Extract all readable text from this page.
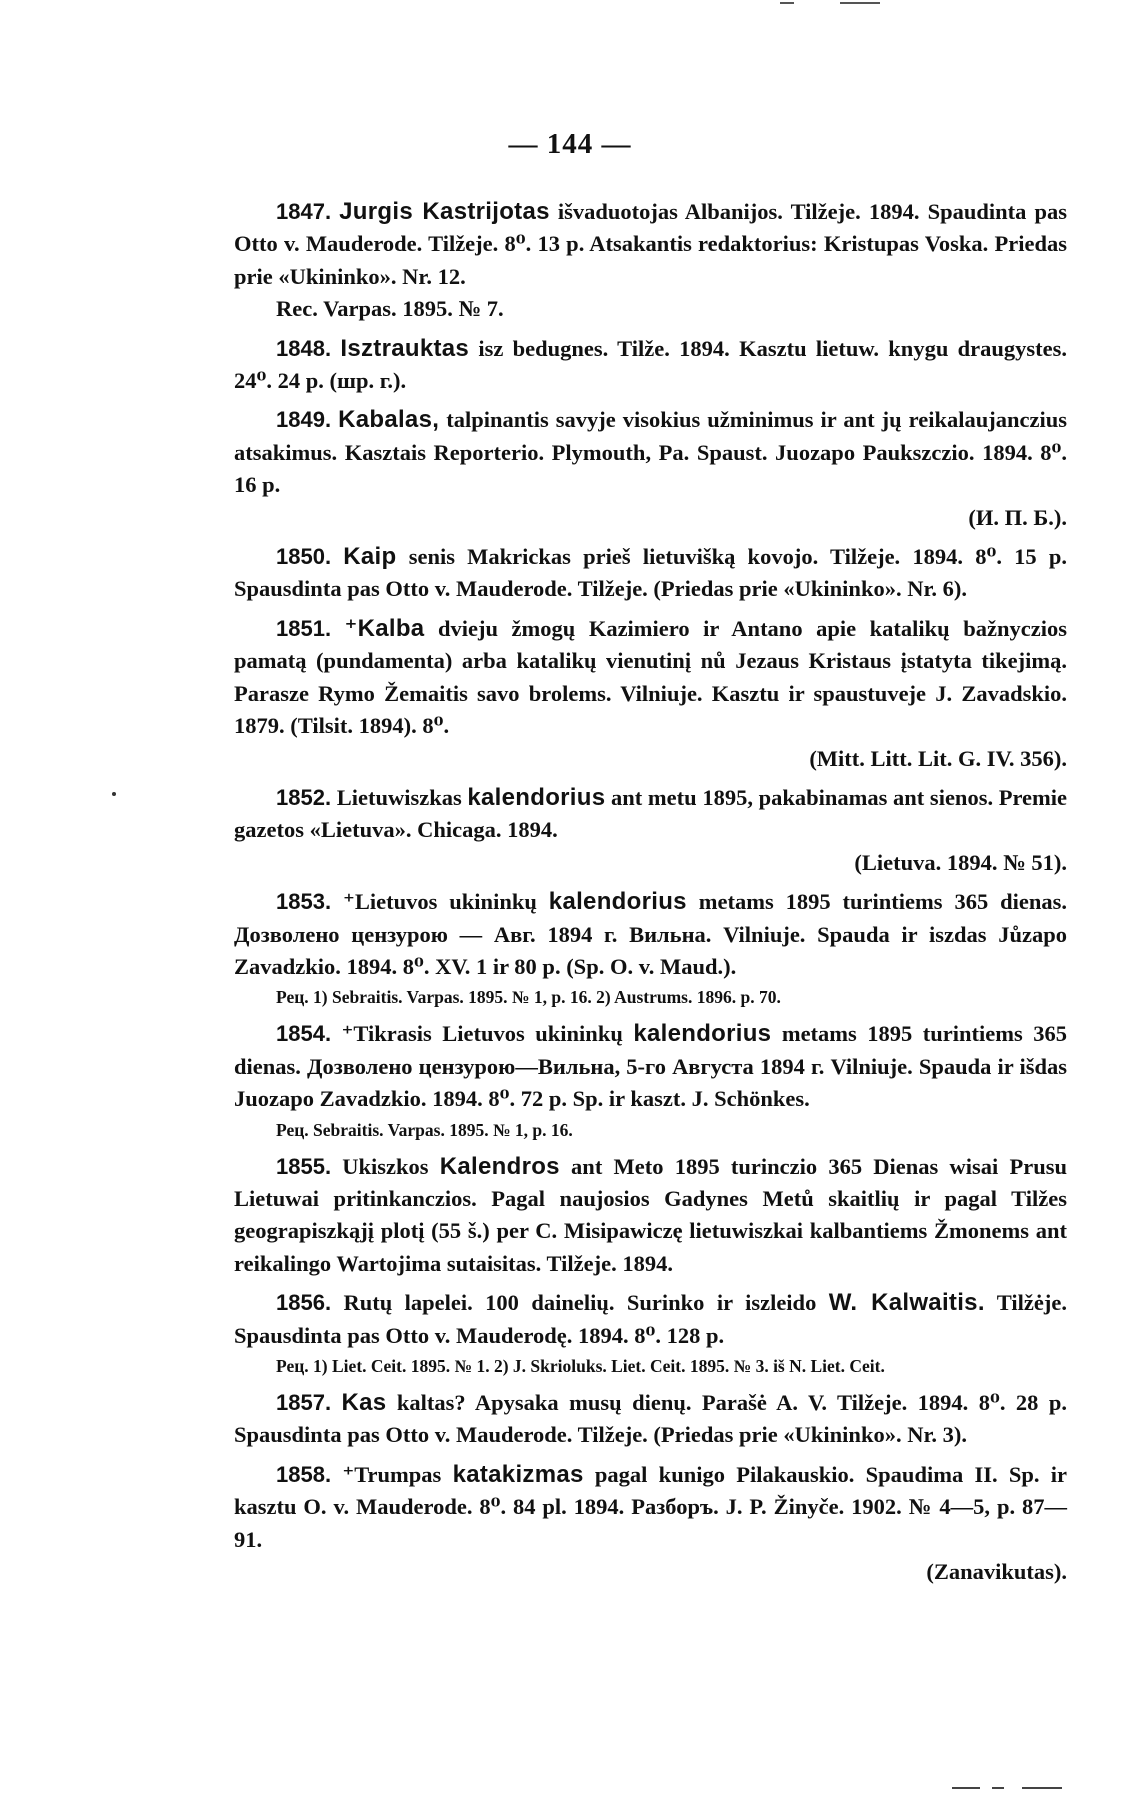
— 144 —
1847. Jurgis Kastrijotas išvaduotojas Albanijos. Tilžeje. 1894. Spaudinta pas Otto v. Mauderode. Tilžeje. 8⁰. 13 p. Atsakantis redaktorius: Kristupas Voska. Priedas prie «Ukininko». Nr. 12.
Rec. Varpas. 1895. № 7.
1848. Isztrauktas isz bedugnes. Tilže. 1894. Kasztu lietuw. knygu draugystes. 24⁰. 24 p. (шр. г.).
1849. Kabalas, talpinantis savyje visokius užminimus ir ant jų reikalaujanczius atsakimus. Kasztais Reporterio. Plymouth, Pa. Spaust. Juozapo Paukszczio. 1894. 8⁰. 16 p.
(И. П. Б.).
1850. Kaip senis Makrickas prieš lietuvišką kovojo. Tilžeje. 1894. 8⁰. 15 p. Spausdinta pas Otto v. Mauderode. Tilžeje. (Priedas prie «Ukininko». Nr. 6).
1851. ⁺Kalba dvieju žmogų Kazimiero ir Antano apie katalikų bažnyczios pamatą (pundamenta) arba katalikų vienutinį nů Jezaus Kristaus įstatyta tikejimą. Parasze Rymo Žemaitis savo brolems. Vilniuje. Kasztu ir spaustuveje J. Zavadskio. 1879. (Tilsit. 1894). 8⁰.
(Mitt. Litt. Lit. G. IV. 356).
1852. Lietuwiszkas kalendorius ant metu 1895, pakabinamas ant sienos. Premie gazetos «Lietuva». Chicaga. 1894.
(Lietuva. 1894. № 51).
1853. ⁺Lietuvos ukininkų kalendorius metams 1895 turintiems 365 dienas. Дозволено цензурою — Авг. 1894 г. Вильна. Vilniuje. Spauda ir iszdas Jůzapo Zavadzkio. 1894. 8⁰. XV. 1 ir 80 p. (Sp. O. v. Maud.).
Рец. 1) Sebraitis. Varpas. 1895. № 1, p. 16. 2) Austrums. 1896. p. 70.
1854. ⁺Tikrasis Lietuvos ukininkų kalendorius metams 1895 turintiems 365 dienas. Дозволено цензурою—Вильна, 5-го Августа 1894 г. Vilniuje. Spauda ir išdas Juozapo Zavadzkio. 1894. 8⁰. 72 p. Sp. ir kaszt. J. Schönkes.
Рец. Sebraitis. Varpas. 1895. № 1, p. 16.
1855. Ukiszkos Kalendros ant Meto 1895 turinczio 365 Dienas wisai Prusu Lietuwai pritinkanczios. Pagal naujosios Gadynes Metů skaitlių ir pagal Tilžes geograpiszkąjį plotį (55 š.) per C. Misipawiczę lietuwiszkai kalbantiems Žmonems ant reikalingo Wartojima sutaisitas. Tilžeje. 1894.
1856. Rutų lapelei. 100 dainelių. Surinko ir iszleido W. Kalwaitis. Tilžėje. Spausdinta pas Otto v. Mauderodę. 1894. 8⁰. 128 p.
Рец. 1) Liet. Ceit. 1895. № 1. 2) J. Skrioluks. Liet. Ceit. 1895. № 3. iš N. Liet. Ceit.
1857. Kas kaltas? Apysaka musų dienų. Parašė A. V. Tilžeje. 1894. 8⁰. 28 p. Spausdinta pas Otto v. Mauderode. Tilžeje. (Priedas prie «Ukininko». Nr. 3).
1858. ⁺Trumpas katakizmas pagal kunigo Pilakauskio. Spaudima II. Sp. ir kasztu O. v. Mauderode. 8⁰. 84 pl. 1894. Разборъ. J. P. Žinyče. 1902. № 4—5, p. 87—91.
(Zanavikutas).
